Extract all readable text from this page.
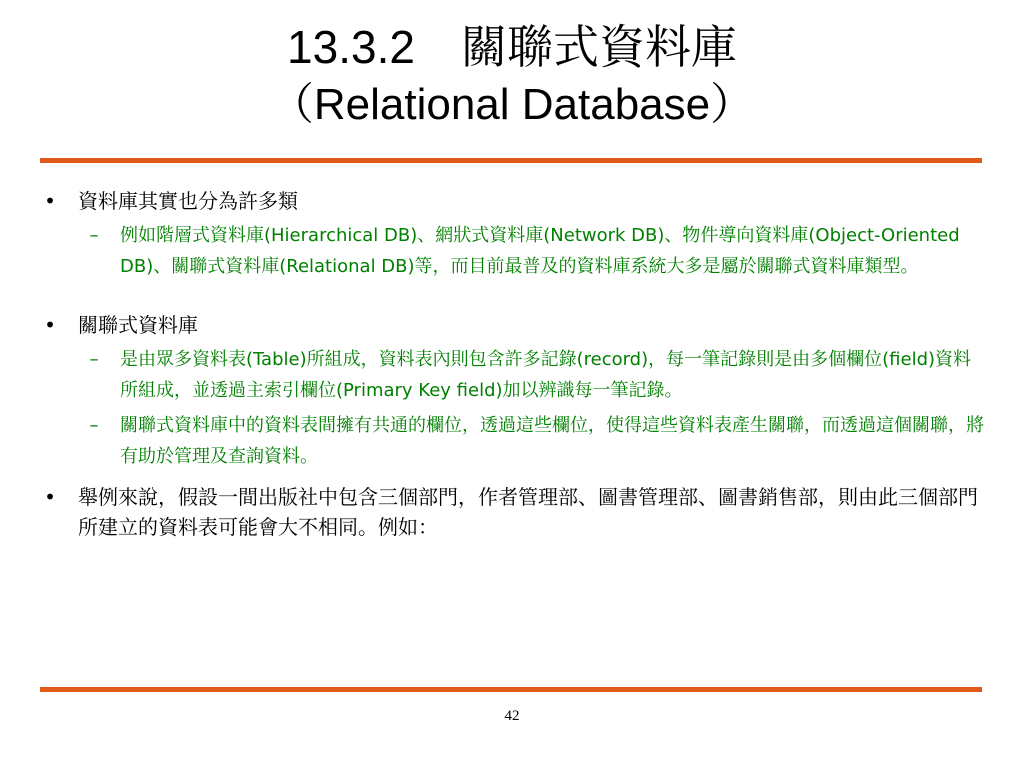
13.3.2　關聯式資料庫
（Relational Database）
• 資料庫其實也分為許多類
–	例如階層式資料庫(Hierarchical DB)、網狀式資料庫(Network DB)、物件導向資料庫(Object-Oriented DB)、關聯式資料庫(Relational DB)等，而目前最普及的資料庫系統大多是屬於關聯式資料庫類型。
• 關聯式資料庫
–	是由眾多資料表(Table)所組成，資料表內則包含許多記錄(record)，每一筆記錄則是由多個欄位(field)資料所組成，並透過主索引欄位(Primary Key field)加以辨識每一筆記錄。
–	關聯式資料庫中的資料表間擁有共通的欄位，透過這些欄位，使得這些資料表產生關聯，而透過這個關聯，將有助於管理及查詢資料。
• 舉例來說，假設一間出版社中包含三個部門，作者管理部、圖書管理部、圖書銷售部，則由此三個部門所建立的資料表可能會大不相同。例如：
42
